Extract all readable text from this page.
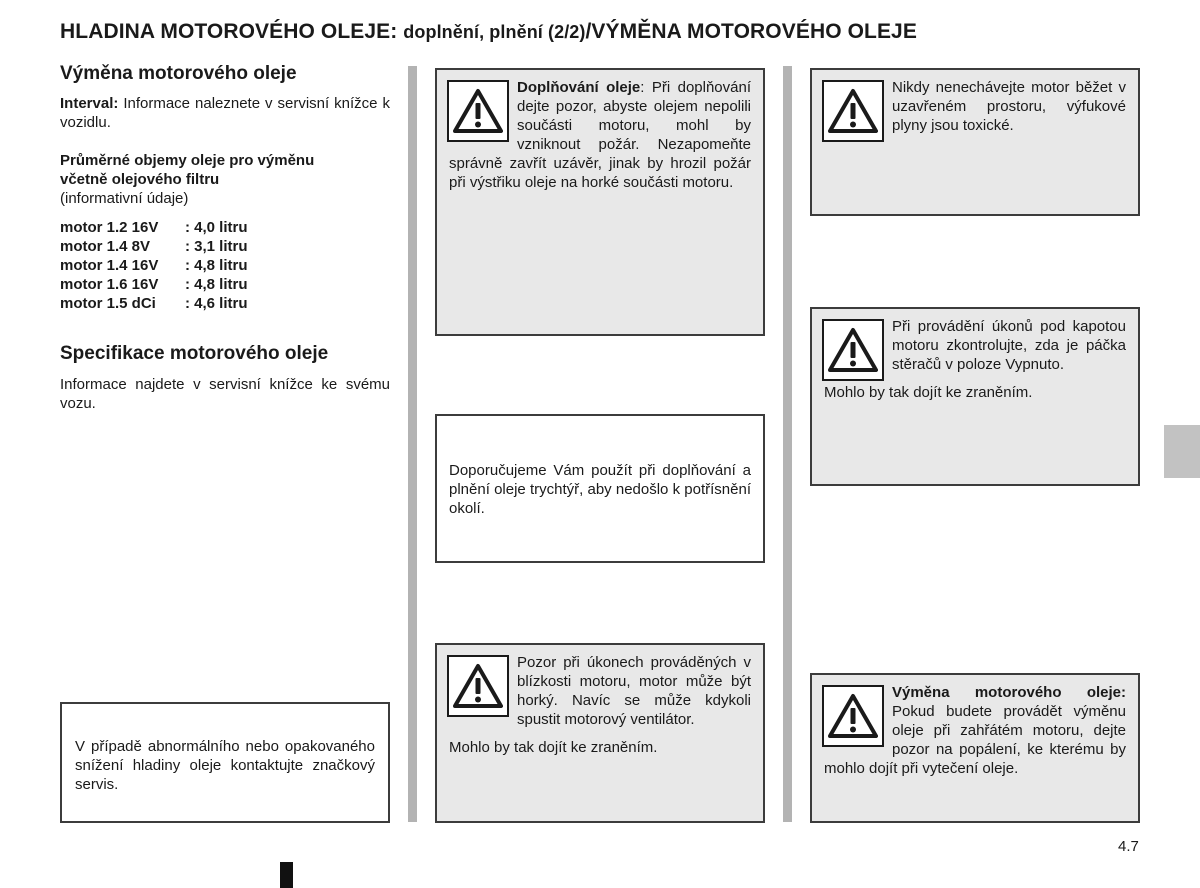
HLADINA MOTOROVÉHO OLEJE: doplnění, plnění (2/2)/VÝMĚNA MOTOROVÉHO OLEJE
Výměna motorového oleje
Interval: Informace naleznete v servisní knížce k vozidlu.
Průměrné objemy oleje pro výměnu včetně olejového filtru
(informativní údaje)
motor 1.2 16V	: 4,0 litru
motor 1.4 8V	: 3,1 litru
motor 1.4 16V	: 4,8 litru
motor 1.6 16V	: 4,8 litru
motor 1.5 dCi	: 4,6 litru
Specifikace motorového oleje
Informace najdete v servisní knížce ke svému vozu.

V případě abnormálního nebo opakovaného snížení hladiny oleje kontaktujte značkový servis.

Doplňování oleje: Při doplňování dejte pozor, abyste olejem nepolili součásti motoru, mohl by vzniknout požár. Nezapomeňte správně zavřít uzávěr, jinak by hrozil požár při výstřiku oleje na horké součásti motoru.

Doporučujeme Vám použít při doplňování a plnění oleje trychtýř, aby nedošlo k potřísnění okolí.

Pozor při úkonech prováděných v blízkosti motoru, motor může být horký. Navíc se může kdykoli spustit motorový ventilátor.

Mohlo by tak dojít ke zraněním.

Nikdy nenechávejte motor běžet v uzavřeném prostoru, výfukové plyny jsou toxické.

Při provádění úkonů pod kapotou motoru zkontrolujte, zda je páčka stěračů v poloze Vypnuto.

Mohlo by tak dojít ke zraněním.

Výměna motorového oleje: Pokud budete provádět výměnu oleje při zahřátém motoru, dejte pozor na popálení, ke kterému by mohlo dojít při vytečení oleje.

4.7
